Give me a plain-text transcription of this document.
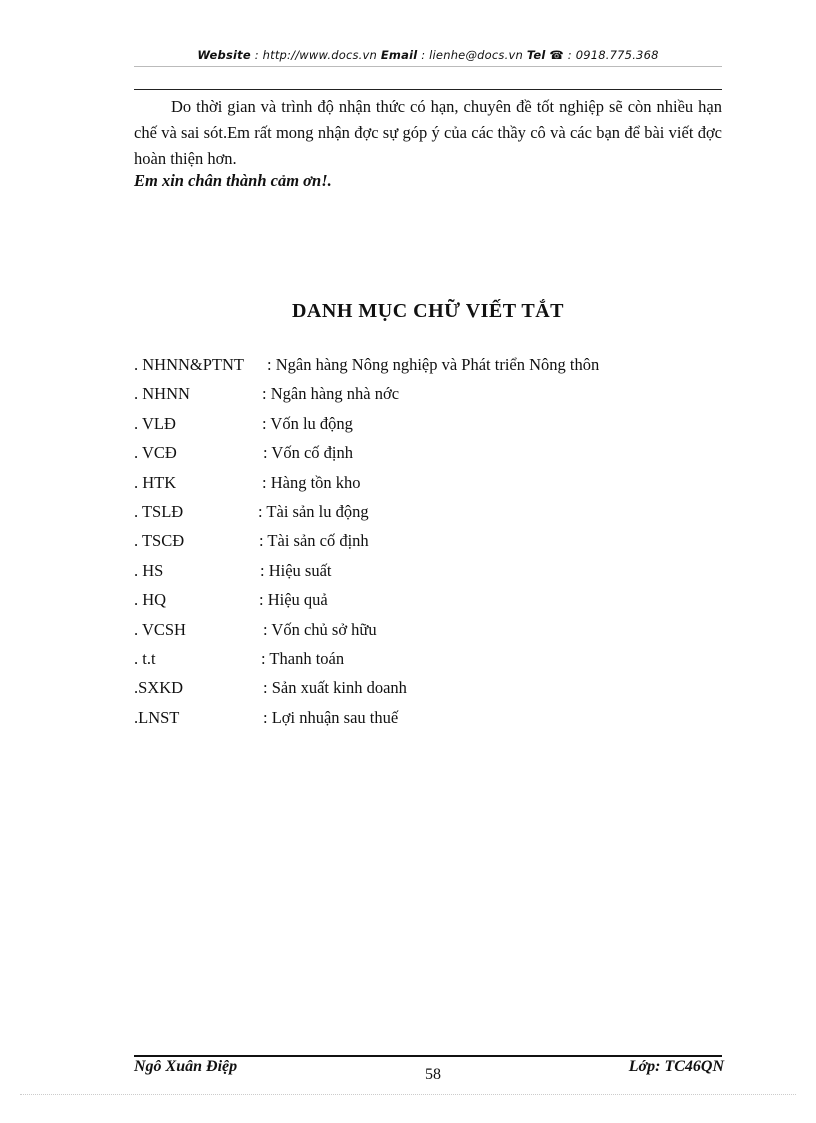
Website : http://www.docs.vn Email : lienhe@docs.vn Tel ☎ : 0918.775.368

Do thời gian và trình độ nhận thức có hạn, chuyên đề tốt nghiệp sẽ còn nhiều hạn chế và sai sót.Em rất mong nhận đợc sự góp ý của các thầy cô và các bạn để bài viết đợc hoàn thiện hơn.

Em xin chân thành cảm ơn!.

DANH MỤC CHỮ VIẾT TẮT
. NHNN&PTNT : Ngân hàng Nông nghiệp và Phát triển Nông thôn
. NHNN	: Ngân hàng nhà nớc
. VLĐ	: Vốn lu động
. VCĐ	: Vốn cố định
. HTK	: Hàng tồn kho
. TSLĐ	: Tài sản lu động
. TSCĐ	: Tài sản cố định
. HS	: Hiệu suất
. HQ	: Hiệu quả
. VCSH	: Vốn chủ sở hữu
. t.t	: Thanh toán
.SXKD	: Sản xuất kinh doanh
.LNST	: Lợi nhuận sau thuế
Ngô Xuân Điệp	58	Lớp: TC46QN
